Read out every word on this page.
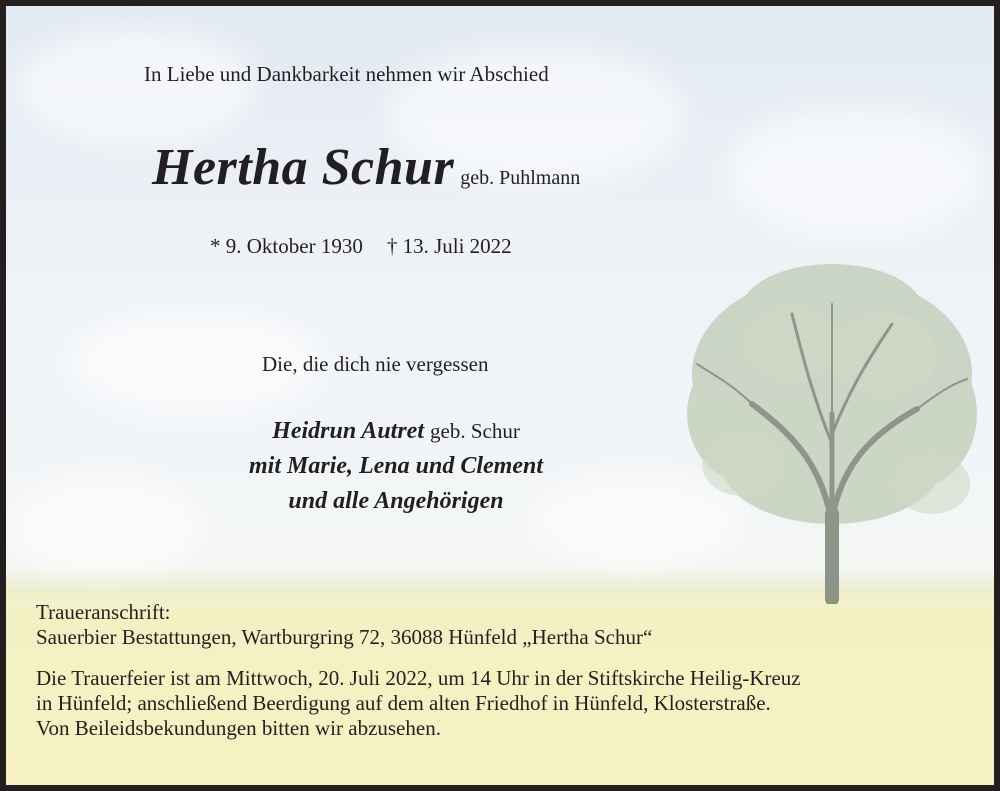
In Liebe und Dankbarkeit nehmen wir Abschied
Hertha Schur geb. Puhlmann
* 9. Oktober 1930 † 13. Juli 2022
Die, die dich nie vergessen
Heidrun Autret geb. Schur
mit Marie, Lena und Clement
und alle Angehörigen

Traueranschrift:

Sauerbier Bestattungen, Wartburgring 72, 36088 Hünfeld „Hertha Schur“

Die Trauerfeier ist am Mittwoch, 20. Juli 2022, um 14 Uhr in der Stiftskirche Heilig-Kreuz

in Hünfeld; anschließend Beerdigung auf dem alten Friedhof in Hünfeld, Klosterstraße.

Von Beileidsbekundungen bitten wir abzusehen.
